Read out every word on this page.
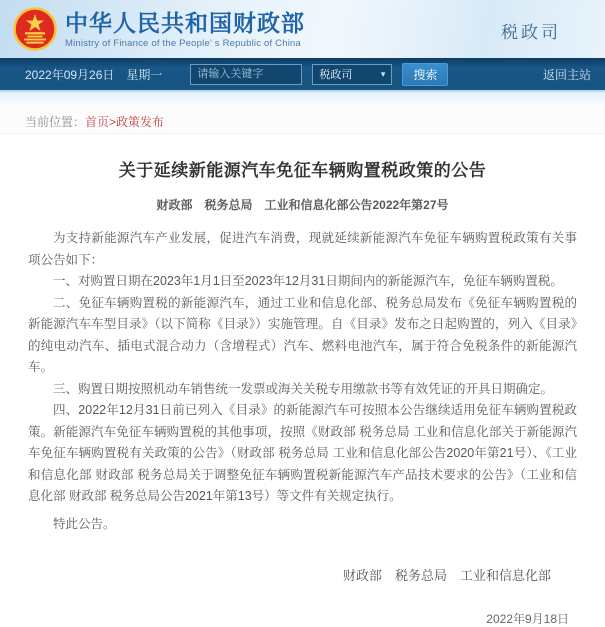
中华人民共和国财政部
Ministry of Finance of the People' s Republic of China
税政司
2022年09月26日　星期一
请输入关键字	税政司	▾	搜索	返回主站
当前位置： 首页>政策发布
关于延续新能源汽车免征车辆购置税政策的公告
财政部　税务总局　工业和信息化部公告2022年第27号

为支持新能源汽车产业发展，促进汽车消费，现就延续新能源汽车免征车辆购置税政策有关事项公告如下：

一、对购置日期在2023年1月1日至2023年12月31日期间内的新能源汽车，免征车辆购置税。

二、免征车辆购置税的新能源汽车，通过工业和信息化部、税务总局发布《免征车辆购置税的新能源汽车车型目录》（以下简称《目录》）实施管理。自《目录》发布之日起购置的，列入《目录》的纯电动汽车、插电式混合动力（含增程式）汽车、燃料电池汽车，属于符合免税条件的新能源汽车。

三、购置日期按照机动车销售统一发票或海关关税专用缴款书等有效凭证的开具日期确定。

四、2022年12月31日前已列入《目录》的新能源汽车可按照本公告继续适用免征车辆购置税政策。新能源汽车免征车辆购置税的其他事项，按照《财政部 税务总局 工业和信息化部关于新能源汽车免征车辆购置税有关政策的公告》（财政部 税务总局 工业和信息化部公告2020年第21号）、《工业和信息化部 财政部 税务总局关于调整免征车辆购置税新能源汽车产品技术要求的公告》（工业和信息化部 财政部 税务总局公告2021年第13号）等文件有关规定执行。

特此公告。

财政部　税务总局　工业和信息化部
2022年9月18日
